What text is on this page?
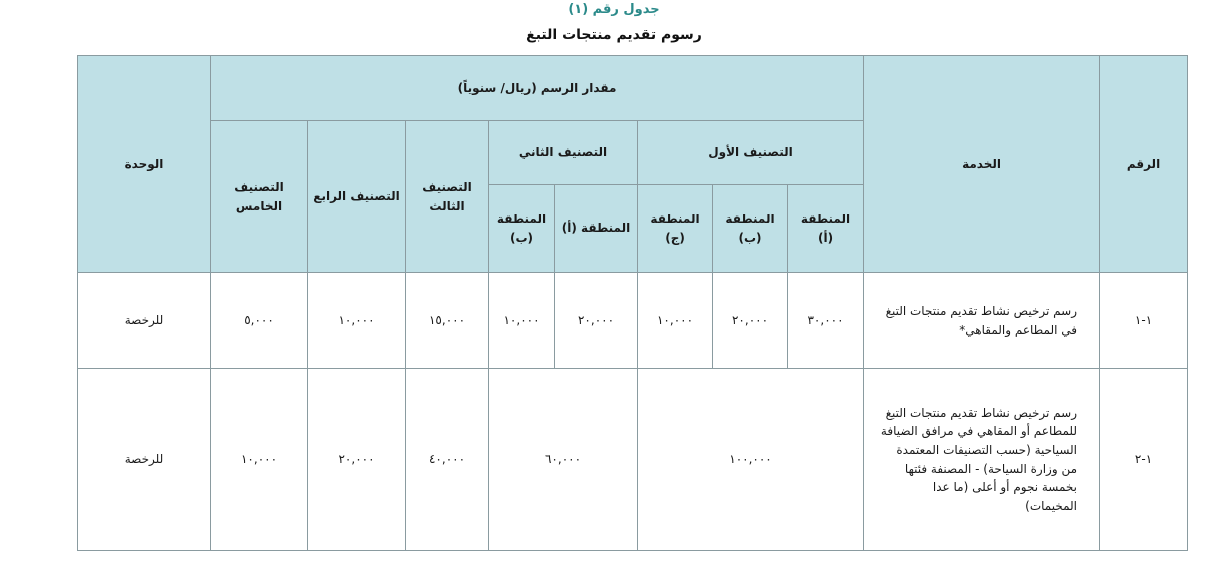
جدول رقم (١)
رسوم تقديم منتجات التبغ
الرقم	الخدمة	مقدار الرسم (ريال/ سنوياً)								الوحدة
		التصنيف الأول			التصنيف الثاني		التصنيف الثالث	التصنيف الرابع	التصنيف الخامس	
		المنطقة (أ)	المنطقة (ب)	المنطقة (ج)	المنطقة (أ)	المنطقة (ب)				
١-١	رسم ترخيص نشاط تقديم منتجات التبغ في المطاعم والمقاهي*	٣٠,٠٠٠	٢٠,٠٠٠	١٠,٠٠٠	٢٠,٠٠٠	١٠,٠٠٠	١٥,٠٠٠	١٠,٠٠٠	٥,٠٠٠	للرخصة
١-٢	رسم ترخيص نشاط تقديم منتجات التبغ للمطاعم أو المقاهي في مرافق الضيافة السياحية (حسب التصنيفات المعتمدة من وزارة السياحة) - المصنفة فئتها بخمسة نجوم أو أعلى (ما عدا المخيمات)	١٠٠,٠٠٠			٦٠,٠٠٠		٤٠,٠٠٠	٢٠,٠٠٠	١٠,٠٠٠	للرخصة
